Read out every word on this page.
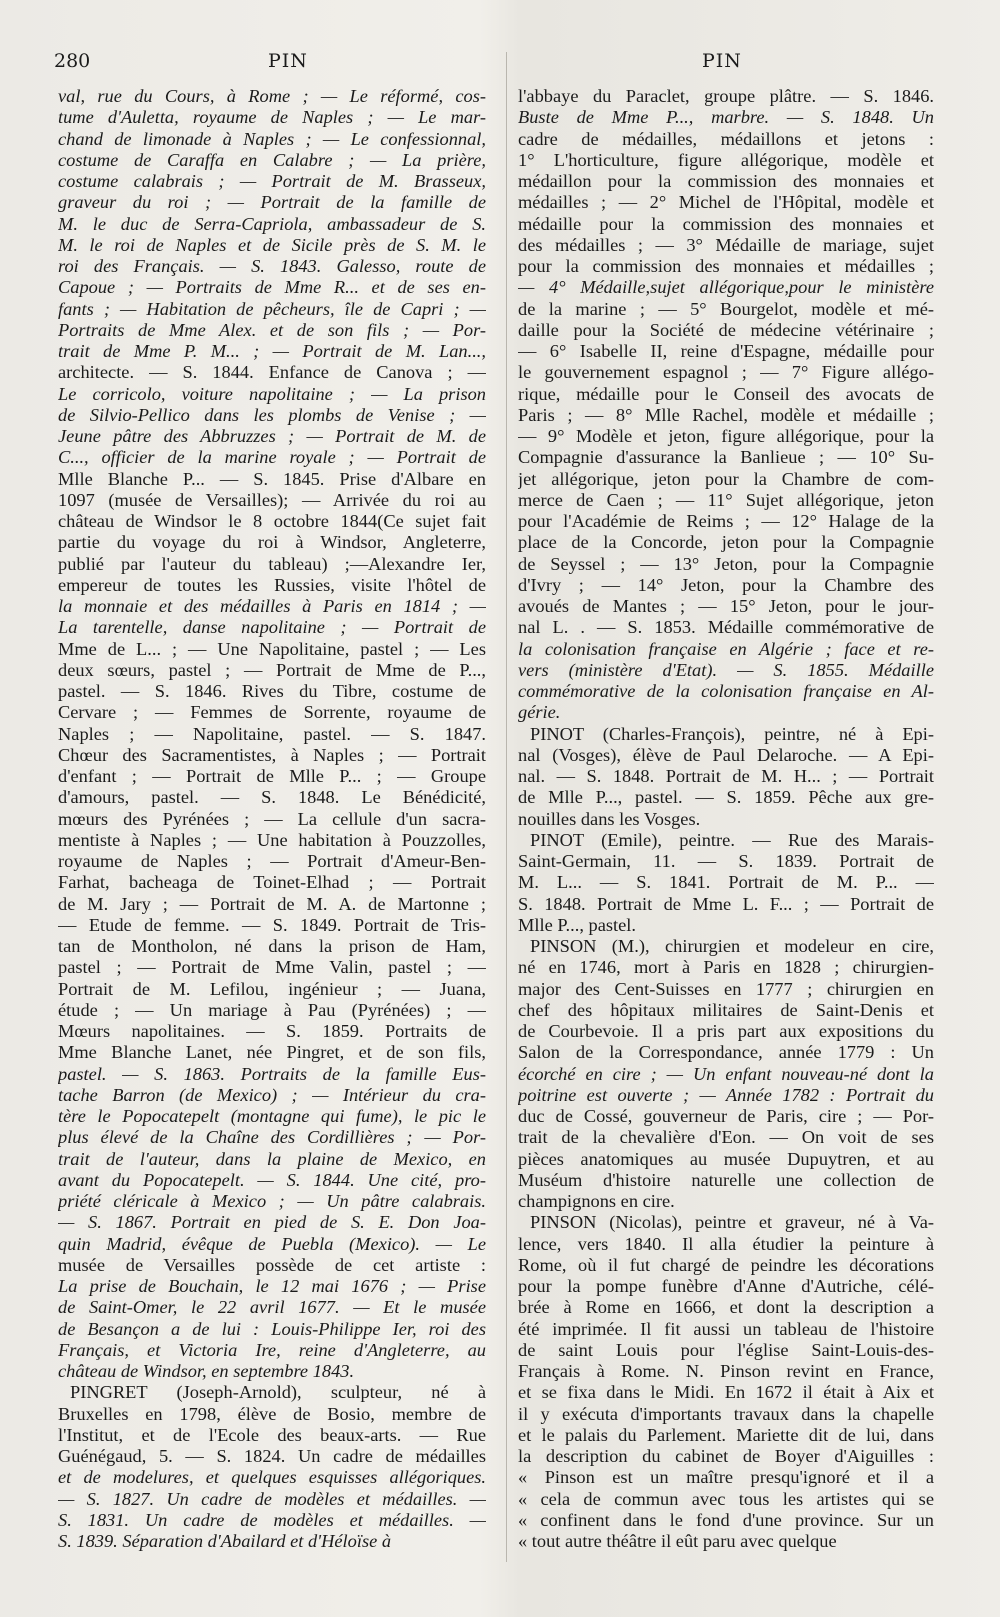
280	PIN	PIN
val, rue du Cours, à Rome ; — Le réformé, cos-
tume d'Auletta, royaume de Naples ; — Le mar-
chand de limonade à Naples ; — Le confessionnal,
costume de Caraffa en Calabre ; — La prière,
costume calabrais ; — Portrait de M. Brasseux,
graveur du roi ; — Portrait de la famille de
M. le duc de Serra-Capriola, ambassadeur de S.
M. le roi de Naples et de Sicile près de S. M. le
roi des Français. — S. 1843. Galesso, route de
Capoue ; — Portraits de Mme R... et de ses en-
fants ; — Habitation de pêcheurs, île de Capri ; —
Portraits de Mme Alex. et de son fils ; — Por-
trait de Mme P. M... ; — Portrait de M. Lan...,
architecte. — S. 1844. Enfance de Canova ; —
Le corricolo, voiture napolitaine ; — La prison
de Silvio-Pellico dans les plombs de Venise ; —
Jeune pâtre des Abbruzzes ; — Portrait de M. de
C..., officier de la marine royale ; — Portrait de
Mlle Blanche P... — S. 1845. Prise d'Albare en
1097 (musée de Versailles); — Arrivée du roi au
château de Windsor le 8 octobre 1844(Ce sujet fait
partie du voyage du roi à Windsor, Angleterre,
publié par l'auteur du tableau) ;—Alexandre Ier,
empereur de toutes les Russies, visite l'hôtel de
la monnaie et des médailles à Paris en 1814 ; —
La tarentelle, danse napolitaine ; — Portrait de
Mme de L... ; — Une Napolitaine, pastel ; — Les
deux sœurs, pastel ; — Portrait de Mme de P...,
pastel. — S. 1846. Rives du Tibre, costume de
Cervare ; — Femmes de Sorrente, royaume de
Naples ; — Napolitaine, pastel. — S. 1847.
Chœur des Sacramentistes, à Naples ; — Portrait
d'enfant ; — Portrait de Mlle P... ; — Groupe
d'amours, pastel. — S. 1848. Le Bénédicité,
mœurs des Pyrénées ; — La cellule d'un sacra-
mentiste à Naples ; — Une habitation à Pouzzolles,
royaume de Naples ; — Portrait d'Ameur-Ben-
Farhat, bacheaga de Toinet-Elhad ; — Portrait
de M. Jary ; — Portrait de M. A. de Martonne ;
— Etude de femme. — S. 1849. Portrait de Tris-
tan de Montholon, né dans la prison de Ham,
pastel ; — Portrait de Mme Valin, pastel ; —
Portrait de M. Lefilou, ingénieur ; — Juana,
étude ; — Un mariage à Pau (Pyrénées) ; —
Mœurs napolitaines. — S. 1859. Portraits de
Mme Blanche Lanet, née Pingret, et de son fils,
pastel. — S. 1863. Portraits de la famille Eus-
tache Barron (de Mexico) ; — Intérieur du cra-
tère le Popocatepelt (montagne qui fume), le pic le
plus élevé de la Chaîne des Cordillières ; — Por-
trait de l'auteur, dans la plaine de Mexico, en
avant du Popocatepelt. — S. 1844. Une cité, pro-
priété cléricale à Mexico ; — Un pâtre calabrais.
— S. 1867. Portrait en pied de S. E. Don Joa-
quin Madrid, évêque de Puebla (Mexico). — Le
musée de Versailles possède de cet artiste :
La prise de Bouchain, le 12 mai 1676 ; — Prise
de Saint-Omer, le 22 avril 1677. — Et le musée
de Besançon a de lui : Louis-Philippe Ier, roi des
Français, et Victoria Ire, reine d'Angleterre, au
château de Windsor, en septembre 1843.
PINGRET (Joseph-Arnold), sculpteur, né à
Bruxelles en 1798, élève de Bosio, membre de
l'Institut, et de l'Ecole des beaux-arts. — Rue
Guénégaud, 5. — S. 1824. Un cadre de médailles
et de modelures, et quelques esquisses allégoriques.
— S. 1827. Un cadre de modèles et médailles. —
S. 1831. Un cadre de modèles et médailles. —
S. 1839. Séparation d'Abailard et d'Héloïse à
l'abbaye du Paraclet, groupe plâtre. — S. 1846.
Buste de Mme P..., marbre. — S. 1848. Un
cadre de médailles, médaillons et jetons :
1° L'horticulture, figure allégorique, modèle et
médaillon pour la commission des monnaies et
médailles ; — 2° Michel de l'Hôpital, modèle et
médaille pour la commission des monnaies et
des médailles ; — 3° Médaille de mariage, sujet
pour la commission des monnaies et médailles ;
— 4° Médaille,sujet allégorique,pour le ministère
de la marine ; — 5° Bourgelot, modèle et mé-
daille pour la Société de médecine vétérinaire ;
— 6° Isabelle II, reine d'Espagne, médaille pour
le gouvernement espagnol ; — 7° Figure allégo-
rique, médaille pour le Conseil des avocats de
Paris ; — 8° Mlle Rachel, modèle et médaille ;
— 9° Modèle et jeton, figure allégorique, pour la
Compagnie d'assurance la Banlieue ; — 10° Su-
jet allégorique, jeton pour la Chambre de com-
merce de Caen ; — 11° Sujet allégorique, jeton
pour l'Académie de Reims ; — 12° Halage de la
place de la Concorde, jeton pour la Compagnie
de Seyssel ; — 13° Jeton, pour la Compagnie
d'Ivry ; — 14° Jeton, pour la Chambre des
avoués de Mantes ; — 15° Jeton, pour le jour-
nal L. . — S. 1853. Médaille commémorative de
la colonisation française en Algérie ; face et re-
vers (ministère d'Etat). — S. 1855. Médaille
commémorative de la colonisation française en Al-
gérie.
PINOT (Charles-François), peintre, né à Epi-
nal (Vosges), élève de Paul Delaroche. — A Epi-
nal. — S. 1848. Portrait de M. H... ; — Portrait
de Mlle P..., pastel. — S. 1859. Pêche aux gre-
nouilles dans les Vosges.
PINOT (Emile), peintre. — Rue des Marais-
Saint-Germain, 11. — S. 1839. Portrait de
M. L... — S. 1841. Portrait de M. P... —
S. 1848. Portrait de Mme L. F... ; — Portrait de
Mlle P..., pastel.
PINSON (M.), chirurgien et modeleur en cire,
né en 1746, mort à Paris en 1828 ; chirurgien-
major des Cent-Suisses en 1777 ; chirurgien en
chef des hôpitaux militaires de Saint-Denis et
de Courbevoie. Il a pris part aux expositions du
Salon de la Correspondance, année 1779 : Un
écorché en cire ; — Un enfant nouveau-né dont la
poitrine est ouverte ; — Année 1782 : Portrait du
duc de Cossé, gouverneur de Paris, cire ; — Por-
trait de la chevalière d'Eon. — On voit de ses
pièces anatomiques au musée Dupuytren, et au
Muséum d'histoire naturelle une collection de
champignons en cire.
PINSON (Nicolas), peintre et graveur, né à Va-
lence, vers 1840. Il alla étudier la peinture à
Rome, où il fut chargé de peindre les décorations
pour la pompe funèbre d'Anne d'Autriche, célé-
brée à Rome en 1666, et dont la description a
été imprimée. Il fit aussi un tableau de l'histoire
de saint Louis pour l'église Saint-Louis-des-
Français à Rome. N. Pinson revint en France,
et se fixa dans le Midi. En 1672 il était à Aix et
il y exécuta d'importants travaux dans la chapelle
et le palais du Parlement. Mariette dit de lui, dans
la description du cabinet de Boyer d'Aiguilles :
« Pinson est un maître presqu'ignoré et il a
« cela de commun avec tous les artistes qui se
« confinent dans le fond d'une province. Sur un
« tout autre théâtre il eût paru avec quelque
